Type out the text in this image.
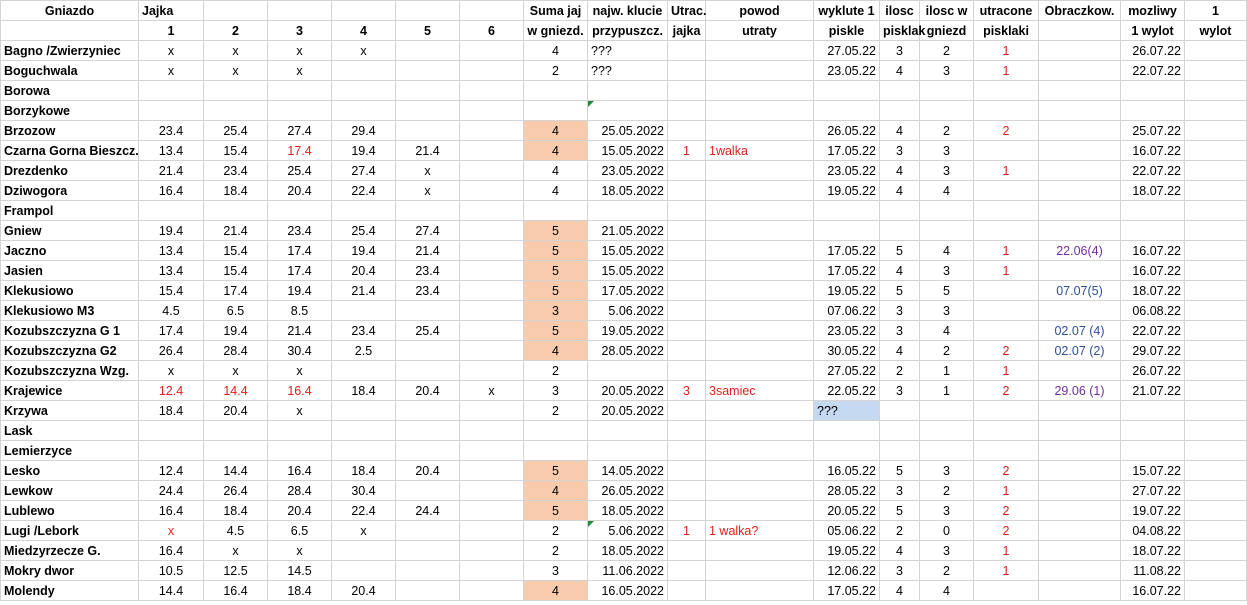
Gniazdo	Jajka						Suma jaj	najw. klucie	Utrac.	powod	wyklute 1	ilosc	ilosc w	utracone	Obraczkow.	mozliwy	1
	1	2	3	4	5	6	w gniezd.	przypuszcz.	jajka	utraty	piskle	pisklak	gniezd	pisklaki		1 wylot	wylot
Bagno /Zwierzyniec	x	x	x	x			4	???			27.05.22	3	2	1		26.07.22	
Boguchwala	x	x	x				2	???			23.05.22	4	3	1		22.07.22	
Borowa																	
Borzykowe																	
Brzozow	23.4	25.4	27.4	29.4			4	25.05.2022			26.05.22	4	2	2		25.07.22	
Czarna Gorna Bieszcz.	13.4	15.4	17.4	19.4	21.4		4	15.05.2022	1	1walka	17.05.22	3	3			16.07.22	
Drezdenko	21.4	23.4	25.4	27.4	x		4	23.05.2022			23.05.22	4	3	1		22.07.22	
Dziwogora	16.4	18.4	20.4	22.4	x		4	18.05.2022			19.05.22	4	4			18.07.22	
Frampol																	
Gniew	19.4	21.4	23.4	25.4	27.4		5	21.05.2022									
Jaczno	13.4	15.4	17.4	19.4	21.4		5	15.05.2022			17.05.22	5	4	1	22.06(4)	16.07.22	
Jasien	13.4	15.4	17.4	20.4	23.4		5	15.05.2022			17.05.22	4	3	1		16.07.22	
Klekusiowo	15.4	17.4	19.4	21.4	23.4		5	17.05.2022			19.05.22	5	5		07.07(5)	18.07.22	
Klekusiowo M3	4.5	6.5	8.5				3	5.06.2022			07.06.22	3	3			06.08.22	
Kozubszczyzna G 1	17.4	19.4	21.4	23.4	25.4		5	19.05.2022			23.05.22	3	4		02.07 (4)	22.07.22	
Kozubszczyzna G2	26.4	28.4	30.4	2.5			4	28.05.2022			30.05.22	4	2	2	02.07 (2)	29.07.22	
Kozubszczyzna Wzg.	x	x	x				2				27.05.22	2	1	1		26.07.22	
Krajewice	12.4	14.4	16.4	18.4	20.4	x	3	20.05.2022	3	3samiec	22.05.22	3	1	2	29.06 (1)	21.07.22	
Krzywa	18.4	20.4	x				2	20.05.2022			???						
Lask																	
Lemierzyce																	
Lesko	12.4	14.4	16.4	18.4	20.4		5	14.05.2022			16.05.22	5	3	2		15.07.22	
Lewkow	24.4	26.4	28.4	30.4			4	26.05.2022			28.05.22	3	2	1		27.07.22	
Lublewo	16.4	18.4	20.4	22.4	24.4		5	18.05.2022			20.05.22	5	3	2		19.07.22	
Lugi /Lebork	x	4.5	6.5	x			2	5.06.2022	1	1 walka?	05.06.22	2	0	2		04.08.22	
Miedzyrzecze G.	16.4	x	x				2	18.05.2022			19.05.22	4	3	1		18.07.22	
Mokry dwor	10.5	12.5	14.5				3	11.06.2022			12.06.22	3	2	1		11.08.22	
Molendy	14.4	16.4	18.4	20.4			4	16.05.2022			17.05.22	4	4			16.07.22	
